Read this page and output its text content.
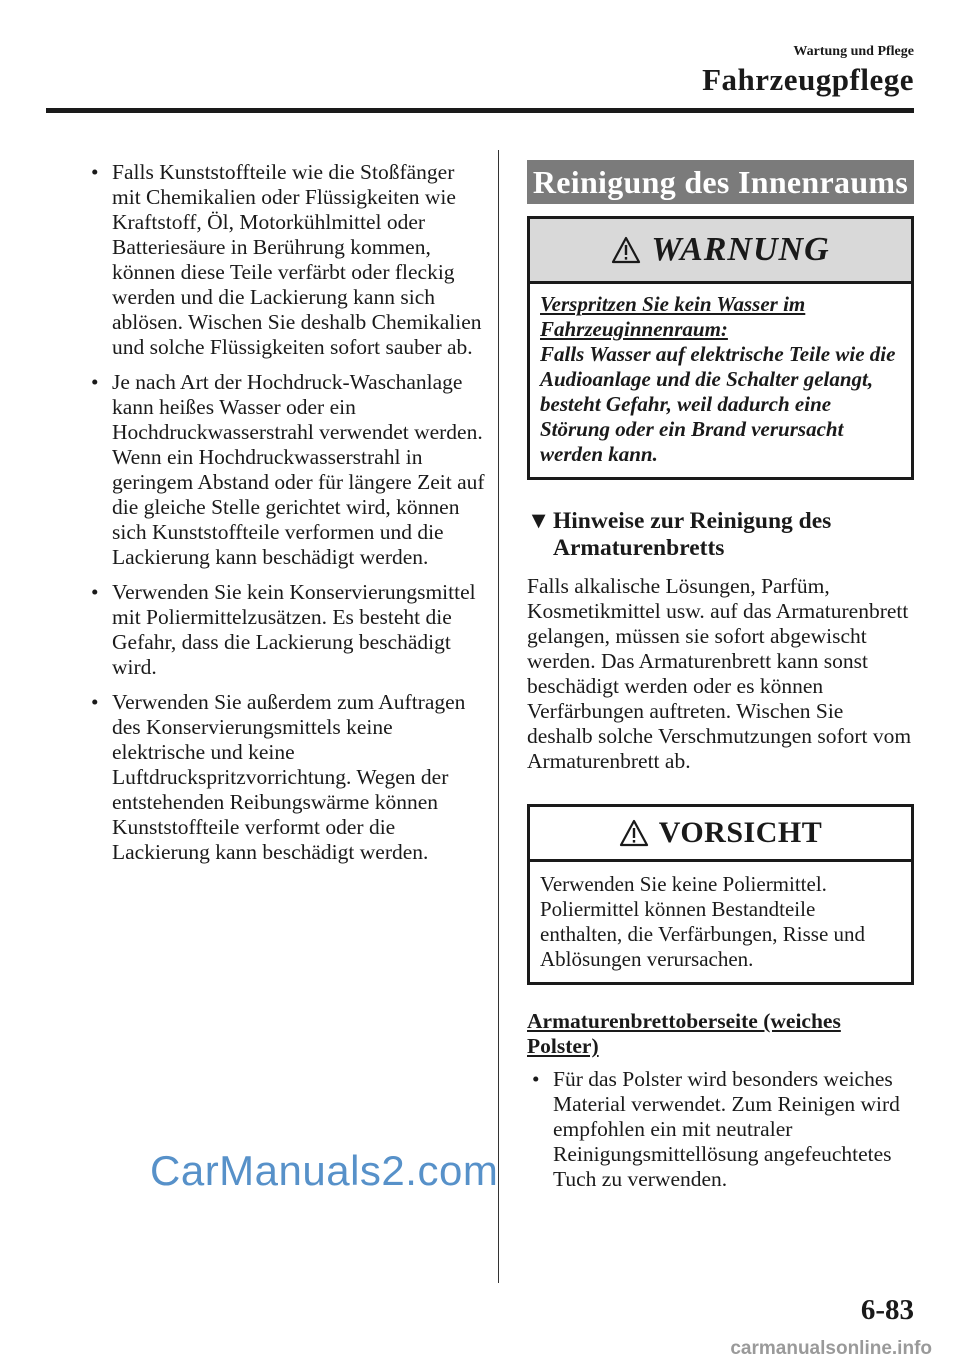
Wartung und Pflege
Fahrzeugpflege
• Falls Kunststoffteile wie die Stoßfänger mit Chemikalien oder Flüssigkeiten wie Kraftstoff, Öl, Motorkühlmittel oder Batteriesäure in Berührung kommen, können diese Teile verfärbt oder fleckig werden und die Lackierung kann sich ablösen. Wischen Sie deshalb Chemikalien und solche Flüssigkeiten sofort sauber ab.
• Je nach Art der Hochdruck-Waschanlage kann heißes Wasser oder ein Hochdruckwasserstrahl verwendet werden. Wenn ein Hochdruckwasserstrahl in geringem Abstand oder für längere Zeit auf die gleiche Stelle gerichtet wird, können sich Kunststoffteile verformen und die Lackierung kann beschädigt werden.
• Verwenden Sie kein Konservierungsmittel mit Poliermittelzusätzen. Es besteht die Gefahr, dass die Lackierung beschädigt wird.
• Verwenden Sie außerdem zum Auftragen des Konservierungsmittels keine elektrische und keine Luftdruckspritzvorrichtung. Wegen der entstehenden Reibungswärme können Kunststoffteile verformt oder die Lackierung kann beschädigt werden.
Reinigung des Innenraums
WARNUNG
Verspritzen Sie kein Wasser im Fahrzeuginnenraum:
Falls Wasser auf elektrische Teile wie die Audioanlage und die Schalter gelangt, besteht Gefahr, weil dadurch eine Störung oder ein Brand verursacht werden kann.
▼ Hinweise zur Reinigung des Armaturenbretts
Falls alkalische Lösungen, Parfüm, Kosmetikmittel usw. auf das Armaturenbrett gelangen, müssen sie sofort abgewischt werden. Das Armaturenbrett kann sonst beschädigt werden oder es können Verfärbungen auftreten. Wischen Sie deshalb solche Verschmutzungen sofort vom Armaturenbrett ab.
VORSICHT
Verwenden Sie keine Poliermittel. Poliermittel können Bestandteile enthalten, die Verfärbungen, Risse und Ablösungen verursachen.
Armaturenbrettoberseite (weiches Polster)
• Für das Polster wird besonders weiches Material verwendet. Zum Reinigen wird empfohlen ein mit neutraler Reinigungsmittellösung angefeuchtetes Tuch zu verwenden.
6-83
CarManuals2.com
carmanualsonline.info
